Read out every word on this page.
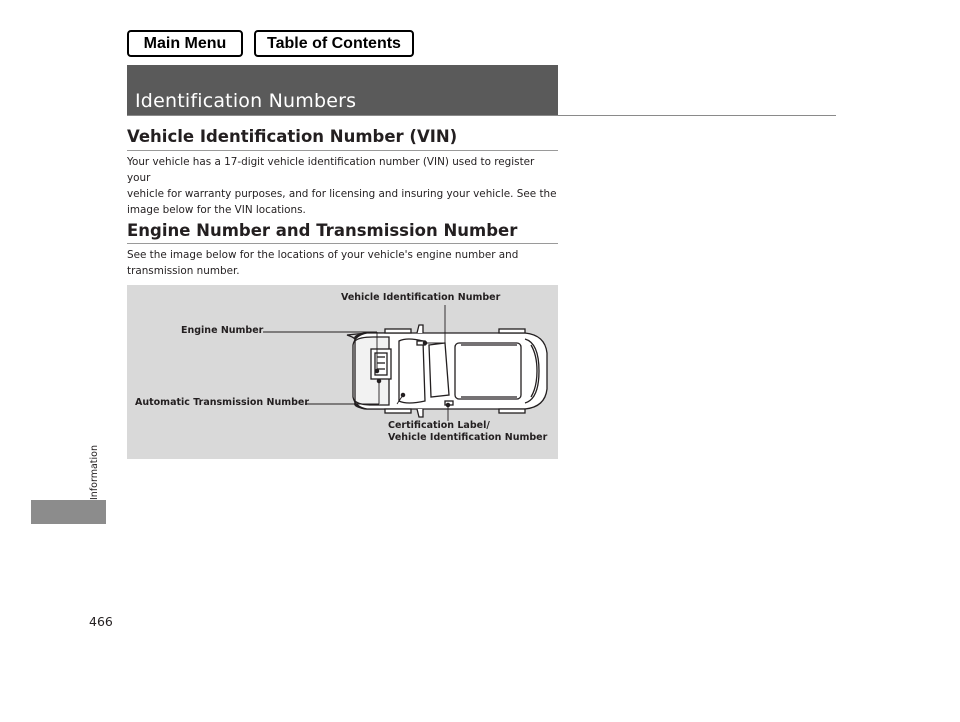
Main Menu	Table of Contents
Identification Numbers
Vehicle Identification Number (VIN)
Your vehicle has a 17-digit vehicle identification number (VIN) used to register your
vehicle for warranty purposes, and for licensing and insuring your vehicle. See the
image below for the VIN locations.
Engine Number and Transmission Number
See the image below for the locations of your vehicle's engine number and
transmission number.
Vehicle Identification Number
Engine Number
Automatic Transmission Number
Certification Label/
Vehicle Identification Number
Information
466
